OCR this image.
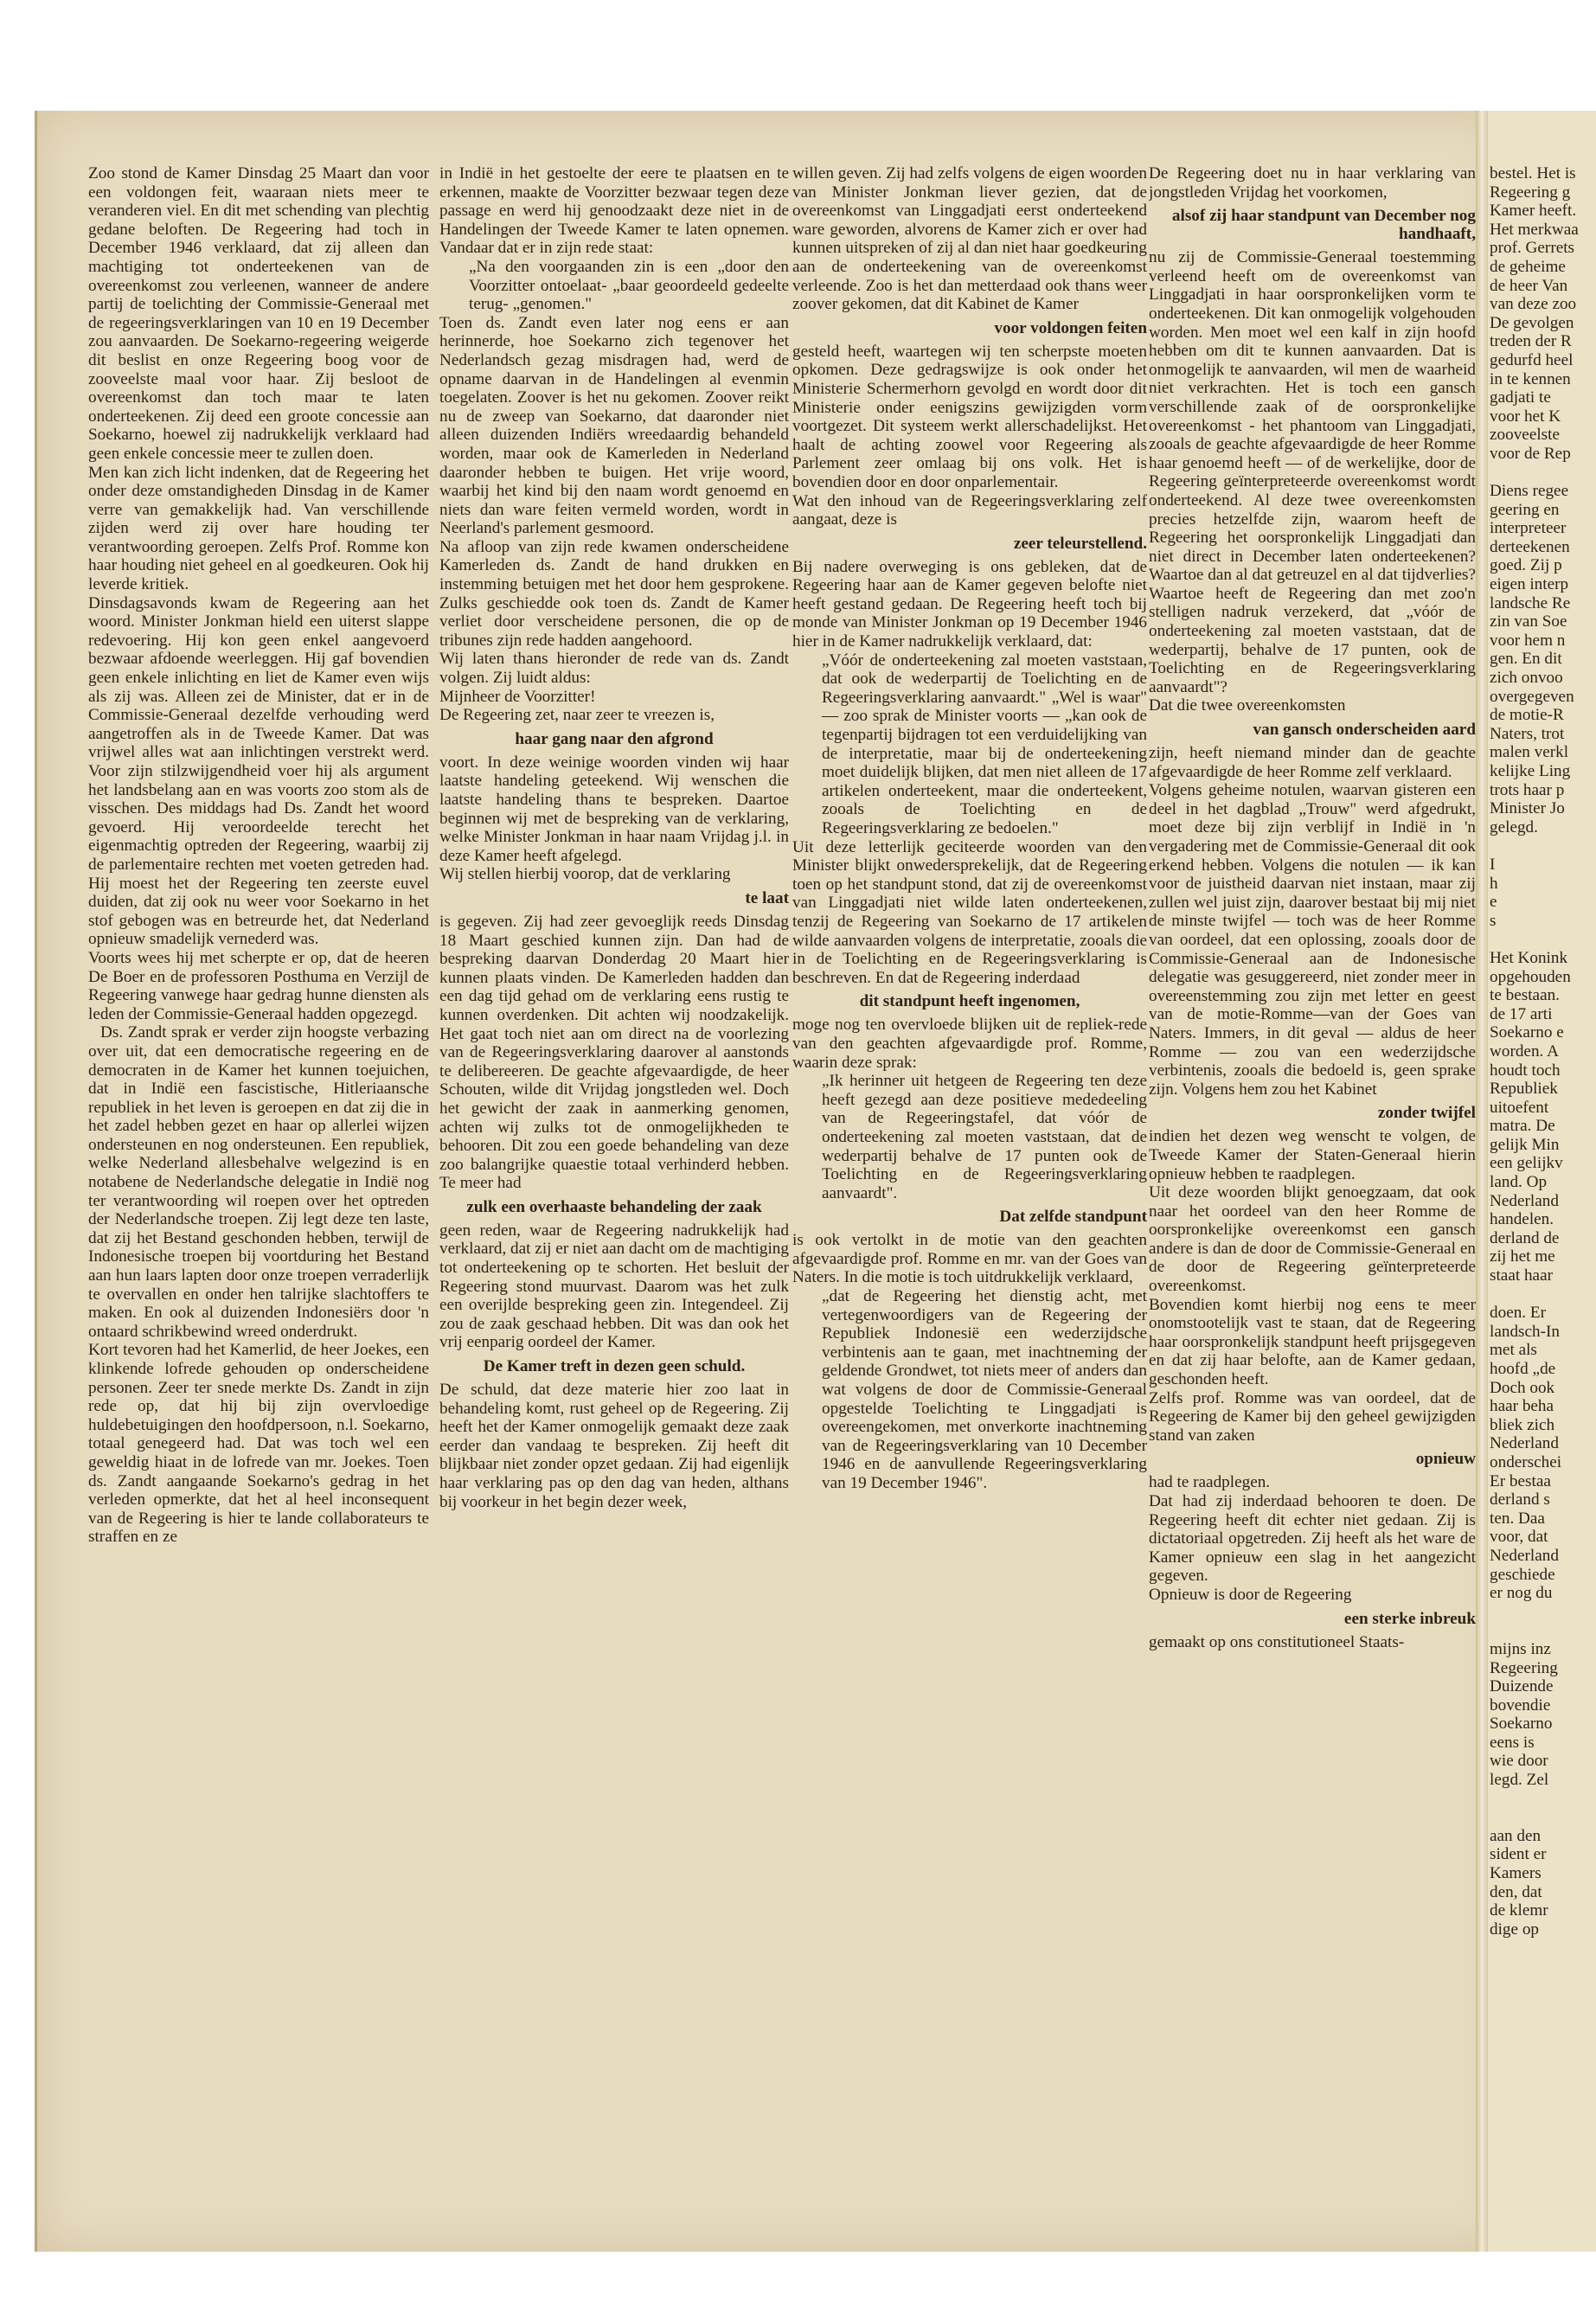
Zoo stond de Kamer Dinsdag 25 Maart dan voor een voldongen feit, waaraan niets meer te veranderen viel. En dit met schending van plechtig gedane beloften. De Regeering had toch in December 1946 verklaard, dat zij alleen dan machtiging tot onderteekenen van de overeenkomst zou verleenen, wanneer de andere partij de toelichting der Commissie-Generaal met de regeeringsverklaringen van 10 en 19 December zou aanvaarden. De Soekarno-regeering weigerde dit beslist en onze Regeering boog voor de zooveelste maal voor haar. Zij besloot de overeenkomst dan toch maar te laten onderteekenen. Zij deed een groote concessie aan Soekarno, hoewel zij nadrukkelijk verklaard had geen enkele concessie meer te zullen doen.

Men kan zich licht indenken, dat de Regeering het onder deze omstandigheden Dinsdag in de Kamer verre van gemakkelijk had. Van verschillende zijden werd zij over hare houding ter verantwoording geroepen. Zelfs Prof. Romme kon haar houding niet geheel en al goedkeuren. Ook hij leverde kritiek.

Dinsdagsavonds kwam de Regeering aan het woord. Minister Jonkman hield een uiterst slappe redevoering. Hij kon geen enkel aangevoerd bezwaar afdoende weerleggen. Hij gaf bovendien geen enkele inlichting en liet de Kamer even wijs als zij was. Alleen zei de Minister, dat er in de Commissie-Generaal dezelfde verhouding werd aangetroffen als in de Tweede Kamer. Dat was vrijwel alles wat aan inlichtingen verstrekt werd. Voor zijn stilzwijgendheid voer hij als argument het landsbelang aan en was voorts zoo stom als de visschen. Des middags had Ds. Zandt het woord gevoerd. Hij veroordeelde terecht het eigenmachtig optreden der Regeering, waarbij zij de parlementaire rechten met voeten getreden had. Hij moest het der Regeering ten zeerste euvel duiden, dat zij ook nu weer voor Soekarno in het stof gebogen was en betreurde het, dat Nederland opnieuw smadelijk vernederd was.

Voorts wees hij met scherpte er op, dat de heeren De Boer en de professoren Posthuma en Verzijl de Regeering vanwege haar gedrag hunne diensten als leden der Commissie-Generaal hadden opgezegd.

Ds. Zandt sprak er verder zijn hoogste verbazing over uit, dat een democratische regeering en de democraten in de Kamer het kunnen toejuichen, dat in Indië een fascistische, Hitleriaansche republiek in het leven is geroepen en dat zij die in het zadel hebben gezet en haar op allerlei wijzen ondersteunen en nog ondersteunen. Een republiek, welke Nederland allesbehalve welgezind is en notabene de Nederlandsche delegatie in Indië nog ter verantwoording wil roepen over het optreden der Nederlandsche troepen. Zij legt deze ten laste, dat zij het Bestand geschonden hebben, terwijl de Indonesische troepen bij voortduring het Bestand aan hun laars lapten door onze troepen verraderlijk te overvallen en onder hen talrijke slachtoffers te maken. En ook al duizenden Indonesiërs door 'n ontaard schrikbewind wreed onderdrukt.

Kort tevoren had het Kamerlid, de heer Joekes, een klinkende lofrede gehouden op onderscheidene personen. Zeer ter snede merkte Ds. Zandt in zijn rede op, dat hij bij zijn overvloedige huldebetuigingen den hoofdpersoon, n.l. Soekarno, totaal genegeerd had. Dat was toch wel een geweldig hiaat in de lofrede van mr. Joekes. Toen ds. Zandt aangaande Soekarno's gedrag in het verleden opmerkte, dat het al heel inconsequent van de Regeering is hier te lande collaborateurs te straffen en ze

in Indië in het gestoelte der eere te plaatsen en te erkennen, maakte de Voorzitter bezwaar tegen deze passage en werd hij genoodzaakt deze niet in de Handelingen der Tweede Kamer te laten opnemen. Vandaar dat er in zijn rede staat:

„Na den voorgaanden zin is een „door den Voorzitter ontoelaat- „baar geoordeeld gedeelte terug- „genomen."

Toen ds. Zandt even later nog eens er aan herinnerde, hoe Soekarno zich tegenover het Nederlandsch gezag misdragen had, werd de opname daarvan in de Handelingen al evenmin toegelaten. Zoover is het nu gekomen. Zoover reikt nu de zweep van Soekarno, dat daaronder niet alleen duizenden Indiërs wreedaardig behandeld worden, maar ook de Kamerleden in Nederland daaronder hebben te buigen. Het vrije woord, waarbij het kind bij den naam wordt genoemd en niets dan ware feiten vermeld worden, wordt in Neerland's parlement gesmoord.

Na afloop van zijn rede kwamen onderscheidene Kamerleden ds. Zandt de hand drukken en instemming betuigen met het door hem gesprokene. Zulks geschiedde ook toen ds. Zandt de Kamer verliet door verscheidene personen, die op de tribunes zijn rede hadden aangehoord.

Wij laten thans hieronder de rede van ds. Zandt volgen. Zij luidt aldus:

Mijnheer de Voorzitter!

De Regeering zet, naar zeer te vreezen is,

haar gang naar den afgrond

voort. In deze weinige woorden vinden wij haar laatste handeling geteekend. Wij wenschen die laatste handeling thans te bespreken. Daartoe beginnen wij met de bespreking van de verklaring, welke Minister Jonkman in haar naam Vrijdag j.l. in deze Kamer heeft afgelegd.

Wij stellen hierbij voorop, dat de verklaring

te laat

is gegeven. Zij had zeer gevoeglijk reeds Dinsdag 18 Maart geschied kunnen zijn. Dan had de bespreking daarvan Donderdag 20 Maart hier kunnen plaats vinden. De Kamerleden hadden dan een dag tijd gehad om de verklaring eens rustig te kunnen overdenken. Dit achten wij noodzakelijk. Het gaat toch niet aan om direct na de voorlezing van de Regeeringsverklaring daarover al aanstonds te delibereeren. De geachte afgevaardigde, de heer Schouten, wilde dit Vrijdag jongstleden wel. Doch het gewicht der zaak in aanmerking genomen, achten wij zulks tot de onmogelijkheden te behooren. Dit zou een goede behandeling van deze zoo balangrijke quaestie totaal verhinderd hebben. Te meer had

zulk een overhaaste behandeling der zaak

geen reden, waar de Regeering nadrukkelijk had verklaard, dat zij er niet aan dacht om de machtiging tot onderteekening op te schorten. Het besluit der Regeering stond muurvast. Daarom was het zulk een overijlde bespreking geen zin. Integendeel. Zij zou de zaak geschaad hebben. Dit was dan ook het vrij eenparig oordeel der Kamer.

De Kamer treft in dezen geen schuld.

De schuld, dat deze materie hier zoo laat in behandeling komt, rust geheel op de Regeering. Zij heeft het der Kamer onmogelijk gemaakt deze zaak eerder dan vandaag te bespreken. Zij heeft dit blijkbaar niet zonder opzet gedaan. Zij had eigenlijk haar verklaring pas op den dag van heden, althans bij voorkeur in het begin dezer week,

willen geven. Zij had zelfs volgens de eigen woorden van Minister Jonkman liever gezien, dat de overeenkomst van Linggadjati eerst onderteekend ware geworden, alvorens de Kamer zich er over had kunnen uitspreken of zij al dan niet haar goedkeuring aan de onderteekening van de overeenkomst verleende. Zoo is het dan metterdaad ook thans weer zoover gekomen, dat dit Kabinet de Kamer

voor voldongen feiten

gesteld heeft, waartegen wij ten scherpste moeten opkomen. Deze gedragswijze is ook onder het Ministerie Schermerhorn gevolgd en wordt door dit Ministerie onder eenigszins gewijzigden vorm voortgezet. Dit systeem werkt allerschadelijkst. Het haalt de achting zoowel voor Regeering als Parlement zeer omlaag bij ons volk. Het is bovendien door en door onparlementair.

Wat den inhoud van de Regeeringsverklaring zelf aangaat, deze is

zeer teleurstellend.

Bij nadere overweging is ons gebleken, dat de Regeering haar aan de Kamer gegeven belofte niet heeft gestand gedaan. De Regeering heeft toch bij monde van Minister Jonkman op 19 December 1946 hier in de Kamer nadrukkelijk verklaard, dat:

„Vóór de onderteekening zal moeten vaststaan, dat ook de wederpartij de Toelichting en de Regeeringsverklaring aanvaardt." „Wel is waar" — zoo sprak de Minister voorts — „kan ook de tegenpartij bijdragen tot een verduidelijking van de interpretatie, maar bij de onderteekening moet duidelijk blijken, dat men niet alleen de 17 artikelen onderteekent, maar die onderteekent, zooals de Toelichting en de Regeeringsverklaring ze bedoelen."

Uit deze letterlijk geciteerde woorden van den Minister blijkt onwedersprekelijk, dat de Regeering toen op het standpunt stond, dat zij de overeenkomst van Linggadjati niet wilde laten onderteekenen, tenzij de Regeering van Soekarno de 17 artikelen wilde aanvaarden volgens de interpretatie, zooals die in de Toelichting en de Regeeringsverklaring is beschreven. En dat de Regeering inderdaad

dit standpunt heeft ingenomen,

moge nog ten overvloede blijken uit de repliek-rede van den geachten afgevaardigde prof. Romme, waarin deze sprak:

„Ik herinner uit hetgeen de Regeering ten deze heeft gezegd aan deze positieve mededeeling van de Regeeringstafel, dat vóór de onderteekening zal moeten vaststaan, dat de wederpartij behalve de 17 punten ook de Toelichting en de Regeeringsverklaring aanvaardt".

Dat zelfde standpunt

is ook vertolkt in de motie van den geachten afgevaardigde prof. Romme en mr. van der Goes van Naters. In die motie is toch uitdrukkelijk verklaard,

„dat de Regeering het dienstig acht, met vertegenwoordigers van de Regeering der Republiek Indonesië een wederzijdsche verbintenis aan te gaan, met inachtneming der geldende Grondwet, tot niets meer of anders dan wat volgens de door de Commissie-Generaal opgestelde Toelichting te Linggadjati is overeengekomen, met onverkorte inachtneming van de Regeeringsverklaring van 10 December 1946 en de aanvullende Regeeringsverklaring van 19 December 1946".

De Regeering doet nu in haar verklaring van jongstleden Vrijdag het voorkomen,

alsof zij haar standpunt van December nog handhaaft,

nu zij de Commissie-Generaal toestemming verleend heeft om de overeenkomst van Linggadjati in haar oorspronkelijken vorm te onderteekenen. Dit kan onmogelijk volgehouden worden. Men moet wel een kalf in zijn hoofd hebben om dit te kunnen aanvaarden. Dat is onmogelijk te aanvaarden, wil men de waarheid niet verkrachten. Het is toch een gansch verschillende zaak of de oorspronkelijke overeenkomst - het phantoom van Linggadjati, zooals de geachte afgevaardigde de heer Romme haar genoemd heeft — of de werkelijke, door de Regeering geïnterpreteerde overeenkomst wordt onderteekend. Al deze twee overeenkomsten precies hetzelfde zijn, waarom heeft de Regeering het oorspronkelijk Linggadjati dan niet direct in December laten onderteekenen? Waartoe dan al dat getreuzel en al dat tijdverlies? Waartoe heeft de Regeering dan met zoo'n stelligen nadruk verzekerd, dat „vóór de onderteekening zal moeten vaststaan, dat de wederpartij, behalve de 17 punten, ook de Toelichting en de Regeeringsverklaring aanvaardt"?

Dat die twee overeenkomsten

van gansch onderscheiden aard

zijn, heeft niemand minder dan de geachte afgevaardigde de heer Romme zelf verklaard.

Volgens geheime notulen, waarvan gisteren een deel in het dagblad „Trouw" werd afgedrukt, moet deze bij zijn verblijf in Indië in 'n vergadering met de Commissie-Generaal dit ook erkend hebben. Volgens die notulen — ik kan voor de juistheid daarvan niet instaan, maar zij zullen wel juist zijn, daarover bestaat bij mij niet de minste twijfel — toch was de heer Romme van oordeel, dat een oplossing, zooals door de Commissie-Generaal aan de Indonesische delegatie was gesuggereerd, niet zonder meer in overeenstemming zou zijn met letter en geest van de motie-Romme—van der Goes van Naters. Immers, in dit geval — aldus de heer Romme — zou van een wederzijdsche verbintenis, zooals die bedoeld is, geen sprake zijn. Volgens hem zou het Kabinet

zonder twijfel

indien het dezen weg wenscht te volgen, de Tweede Kamer der Staten-Generaal hierin opnieuw hebben te raadplegen.

Uit deze woorden blijkt genoegzaam, dat ook naar het oordeel van den heer Romme de oorspronkelijke overeenkomst een gansch andere is dan de door de Commissie-Generaal en de door de Regeering geïnterpreteerde overeenkomst.

Bovendien komt hierbij nog eens te meer onomstootelijk vast te staan, dat de Regeering haar oorspronkelijk standpunt heeft prijsgegeven en dat zij haar belofte, aan de Kamer gedaan, geschonden heeft.

Zelfs prof. Romme was van oordeel, dat de Regeering de Kamer bij den geheel gewijzigden stand van zaken

opnieuw

had te raadplegen.

Dat had zij inderdaad behooren te doen. De Regeering heeft dit echter niet gedaan. Zij is dictatoriaal opgetreden. Zij heeft als het ware de Kamer opnieuw een slag in het aangezicht gegeven.

Opnieuw is door de Regeering

een sterke inbreuk

gemaakt op ons constitutioneel Staats-

bestel. Het is
Regeering g
Kamer heeft.
Het merkwaa
prof. Gerrets
de geheime
de heer Van
van deze zoo
De gevolgen
treden der R
gedurfd heel
in te kennen
gadjati te
voor het K
zooveelste
voor de Rep

Diens regee
geering en
interpreteer
derteekenen
goed. Zij p
eigen interp
landsche Re
zin van Soe
voor hem n
gen. En dit
zich onvoo
overgegeven
de motie-R
Naters, trot
malen verkl
kelijke Ling
trots haar p
Minister Jo
gelegd.

I
h
e
s

Het Konink
opgehouden
te bestaan.
de 17 arti
Soekarno e
worden. A
houdt toch
Republiek
uitoefent
matra. De
gelijk Min
een gelijkv
land. Op
Nederland
handelen.
derland de
zij het me
staat haar

doen. Er
landsch-In
met als
hoofd „de
Doch ook
haar beha
bliek zich
Nederland
onderschei
Er bestaa
derland s
ten. Daa
voor, dat
Nederland
geschiede
er nog du

mijns inz
Regeering
Duizende
bovendie
Soekarno
eens is
wie door
legd. Zel

aan den
sident er
Kamers
den, dat
de klemr
dige op
